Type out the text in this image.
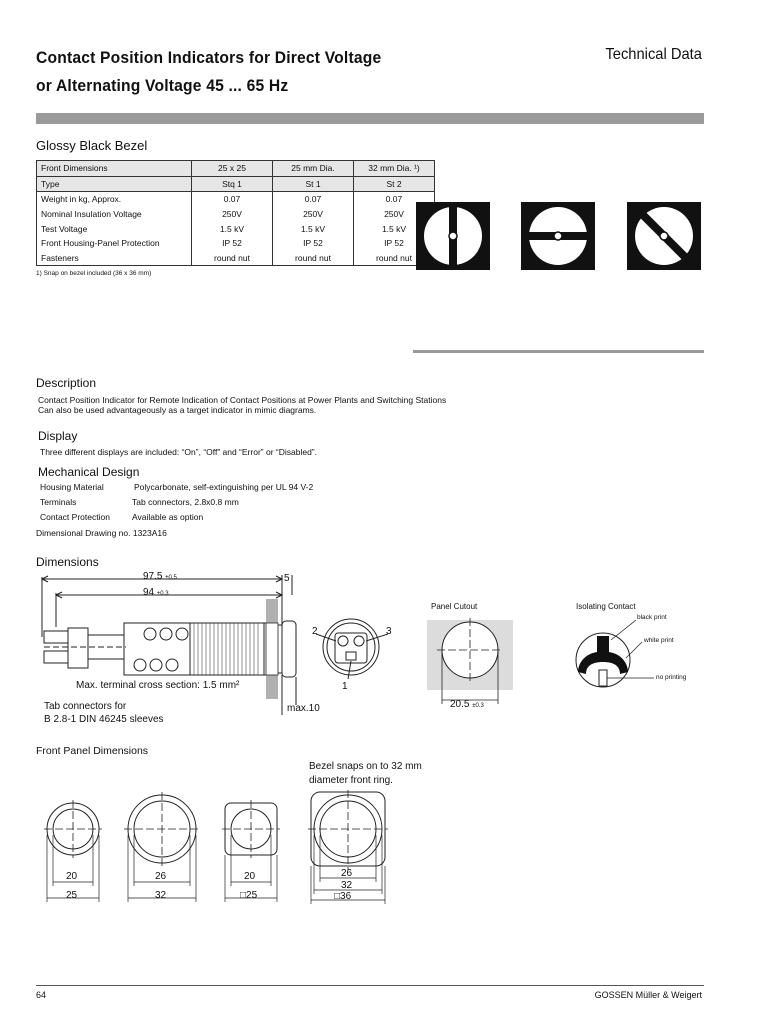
Contact Position Indicators for Direct Voltage
or Alternating Voltage 45 ... 65 Hz
Technical Data
Glossy Black Bezel
Front Dimensions	25 x 25	25 mm Dia.	32 mm Dia. ¹)
Type	Stq 1	St 1	St 2
Weight in kg, Approx.	0.07	0.07	0.07
Nominal Insulation Voltage	250V	250V	250V
Test Voltage	1.5 kV	1.5 kV	1.5 kV
Front Housing-Panel Protection	IP 52	IP 52	IP 52
Fasteners	round nut	round nut	round nut
1) Snap on bezel included (36 x 36 mm)
Description
Contact Position Indicator for Remote Indication of Contact Positions at Power Plants and Switching Stations
Can also be used advantageously as a target indicator in mimic diagrams.
Display
Three different displays are included: “On”, “Off” and “Error” or “Disabled”.
Mechanical Design
Housing Material	Polycarbonate, self-extinguishing per UL 94 V-2
Terminals	Tab connectors, 2.8x0.8 mm
Contact Protection	Available as option
Dimensional Drawing no. 1323A16
Dimensions
97.5 ±0.5
94 ±0.3
5
Max. terminal cross section: 1.5 mm²
Tab connectors for
B 2.8-1 DIN 46245 sleeves
max.10
2	3
1
Panel Cutout
20.5 ±0.3
Isolating Contact
black print
white print
no printing
Front Panel Dimensions
Bezel snaps on to 32 mm
diameter front ring.
20
25
26
32
20
□25
26
32
□36
64	GOSSEN Müller & Weigert
